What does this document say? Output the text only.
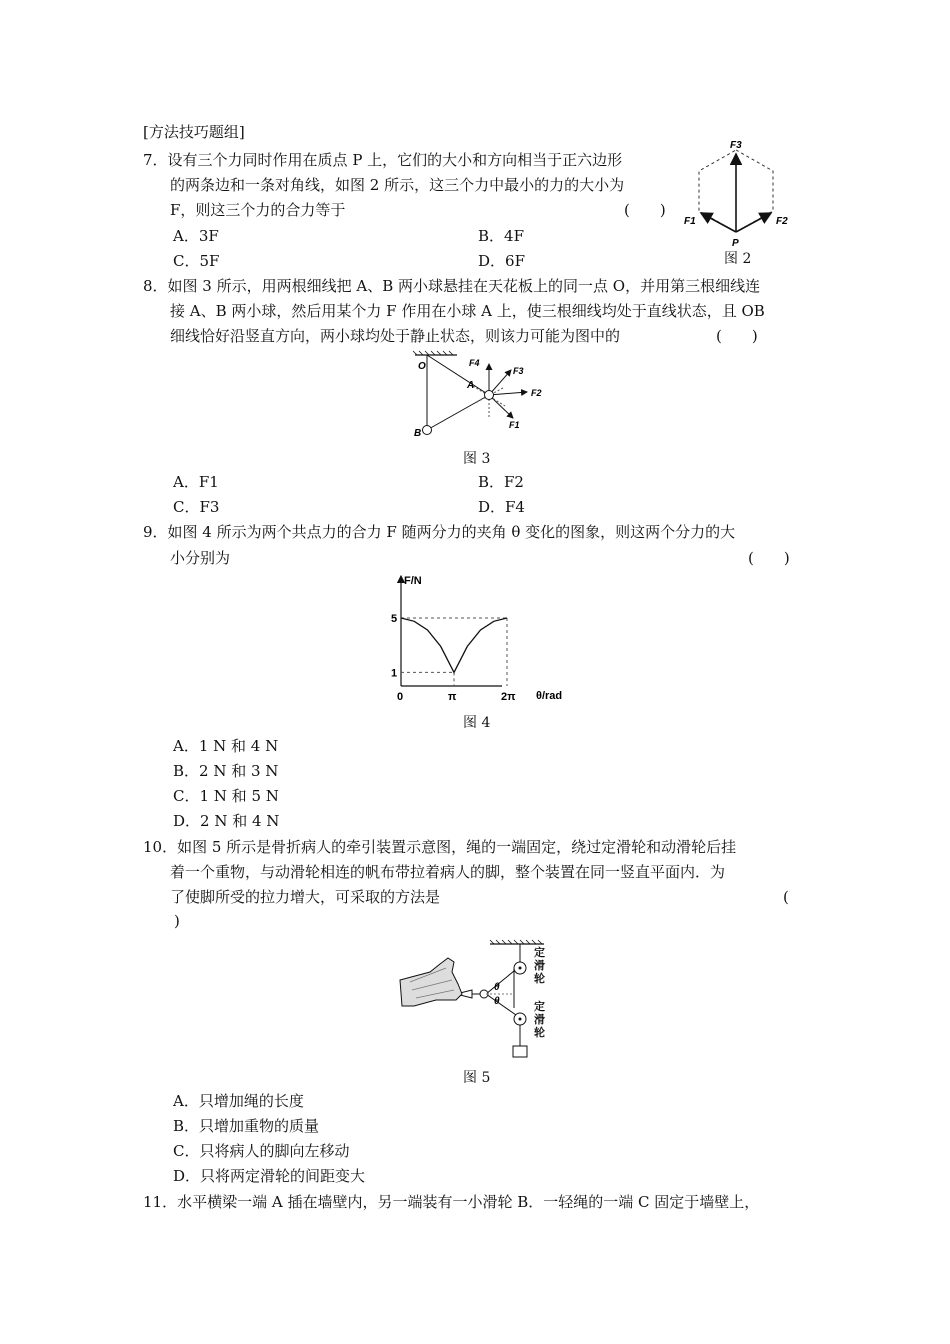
[方法技巧题组]
7．设有三个力同时作用在质点 P 上，它们的大小和方向相当于正六边形
的两条边和一条对角线，如图 2 所示，这三个力中最小的力的大小为
F，则这三个力的合力等于	(　　)
A．3F	B．4F
C．5F	D．6F
F3
F1	F2
P
图 2
8．如图 3 所示，用两根细线把 A、B 两小球悬挂在天花板上的同一点 O，并用第三根细线连
接 A、B 两小球，然后用某个力 F 作用在小球 A 上，使三根细线均处于直线状态，且 OB
细线恰好沿竖直方向，两小球均处于静止状态，则该力可能为图中的	(　　)
O
A
B
F1
F2
F3
F4
图 3
A．F1	B．F2
C．F3	D．F4
9．如图 4 所示为两个共点力的合力 F 随两分力的夹角 θ 变化的图象，则这两个分力的大
小分别为	(　　)
F/N
θ/rad
0	π	2π
1
5
图 4
A．1 N 和 4 N
B．2 N 和 3 N
C．1 N 和 5 N
D．2 N 和 4 N
10．如图 5 所示是骨折病人的牵引装置示意图，绳的一端固定，绕过定滑轮和动滑轮后挂
着一个重物，与动滑轮相连的帆布带拉着病人的脚，整个装置在同一竖直平面内．为
了使脚所受的拉力增大，可采取的方法是	(
)
θ
θ
定滑轮
定滑轮
图 5
A．只增加绳的长度
B．只增加重物的质量
C．只将病人的脚向左移动
D．只将两定滑轮的间距变大
11．水平横梁一端 A 插在墙壁内，另一端装有一小滑轮 B．一轻绳的一端 C 固定于墙壁上，
